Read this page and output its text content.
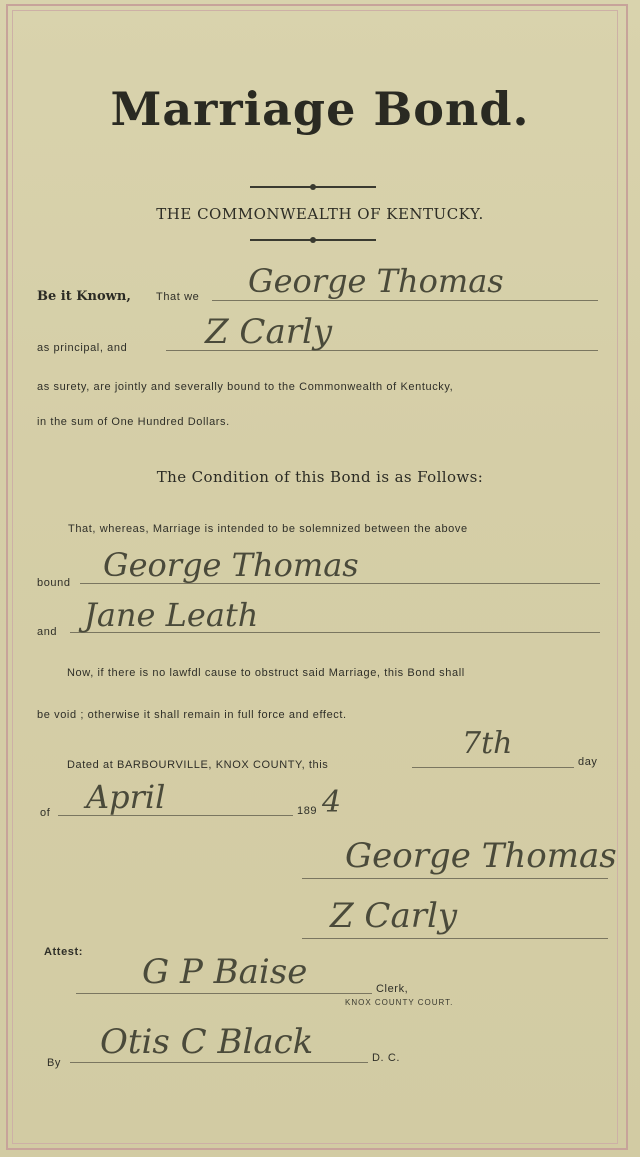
Marriage Bond.
THE COMMONWEALTH OF KENTUCKY.
Be it Known, That we George Thomas
as principal, and Z Carly
as surety, are jointly and severally bound to the Commonwealth of Kentucky,
in the sum of One Hundred Dollars.
The Condition of this Bond is as Follows:
That, whereas, Marriage is intended to be solemnized between the above
bound George Thomas
and Jane Leath
Now, if there is no lawfdl cause to obstruct said Marriage, this Bond shall
be void ; otherwise it shall remain in full force and effect.
Dated at BARBOURVILLE, KNOX COUNTY, this
7th
day
of April	189 4
George Thomas
Z Carly
Attest: G P Baise	Clerk,
KNOX COUNTY COURT.
By
Otis C Black	D. C.
